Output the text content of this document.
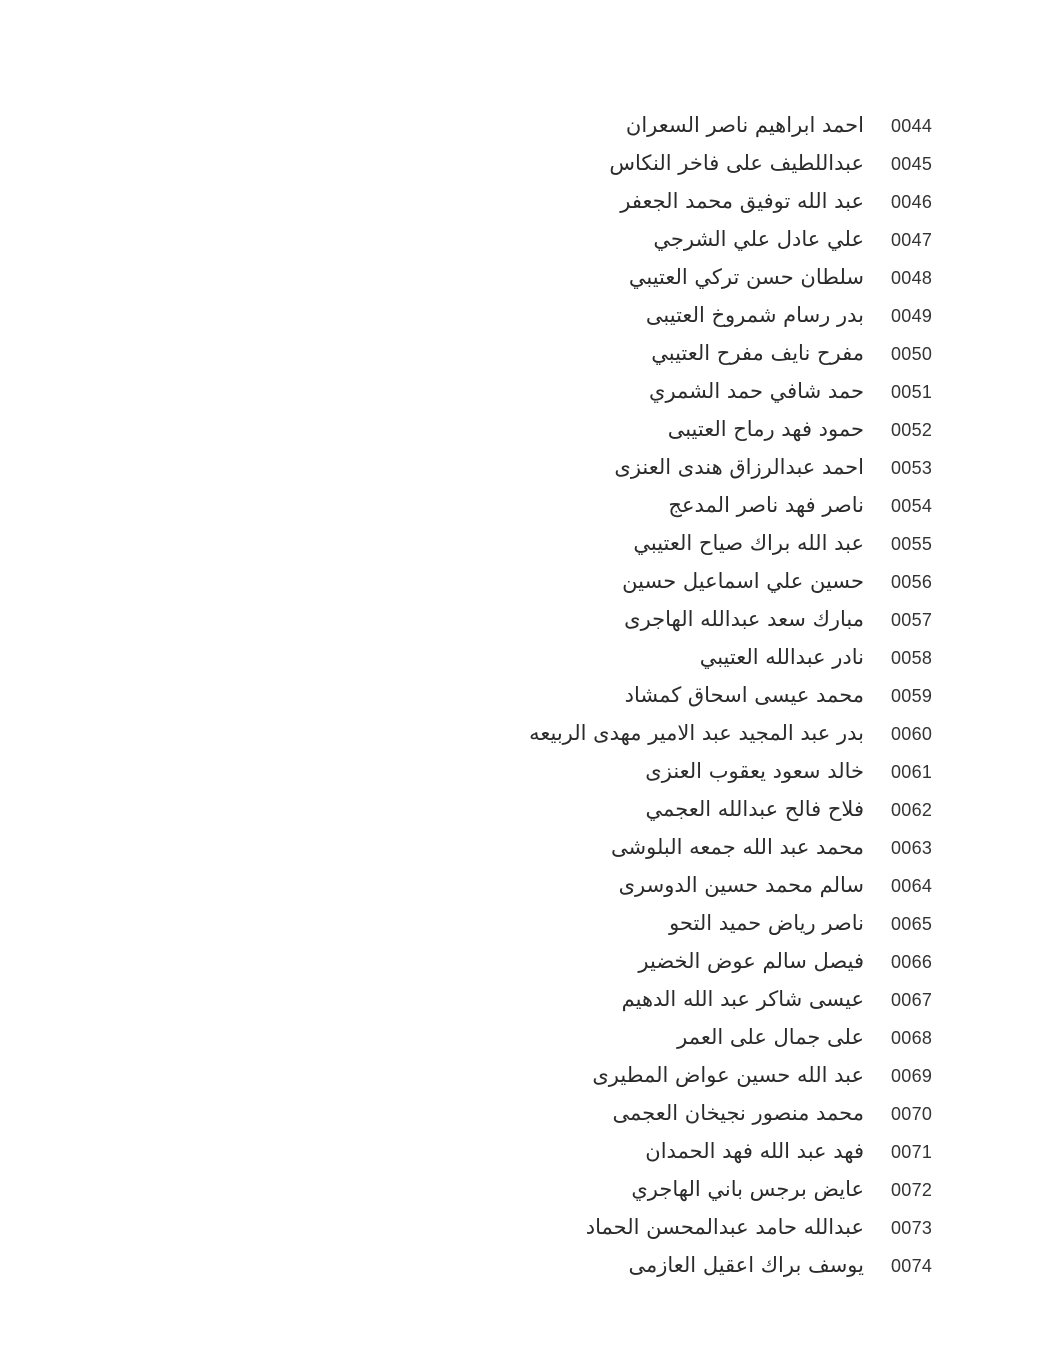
0044
احمد ابراهيم ناصر السعران
0045
عبداللطيف على فاخر النكاس
0046
عبد الله توفيق محمد الجعفر
0047
علي عادل علي الشرجي
0048
سلطان حسن تركي العتيبي
0049
بدر رسام شمروخ العتيبى
0050
مفرح نايف مفرح العتيبي
0051
حمد شافي حمد الشمري
0052
حمود فهد رماح العتيبى
0053
احمد عبدالرزاق هندى العنزى
0054
ناصر فهد ناصر المدعج
0055
عبد الله براك صياح العتيبي
0056
حسين علي اسماعيل حسين
0057
مبارك سعد عبدالله الهاجرى
0058
نادر عبدالله العتيبي
0059
محمد عيسى اسحاق كمشاد
0060
بدر عبد المجيد عبد الامير مهدى الربيعه
0061
خالد سعود يعقوب العنزى
0062
فلاح فالح عبدالله العجمي
0063
محمد عبد الله جمعه البلوشى
0064
سالم محمد حسين الدوسرى
0065
ناصر رياض حميد التحو
0066
فيصل سالم عوض الخضير
0067
عيسى شاكر عبد الله الدهيم
0068
على جمال على العمر
0069
عبد الله حسين عواض المطيرى
0070
محمد منصور نجيخان العجمى
0071
فهد عبد الله فهد الحمدان
0072
عايض برجس باني الهاجري
0073
عبدالله حامد عبدالمحسن الحماد
0074
يوسف براك اعقيل العازمى
